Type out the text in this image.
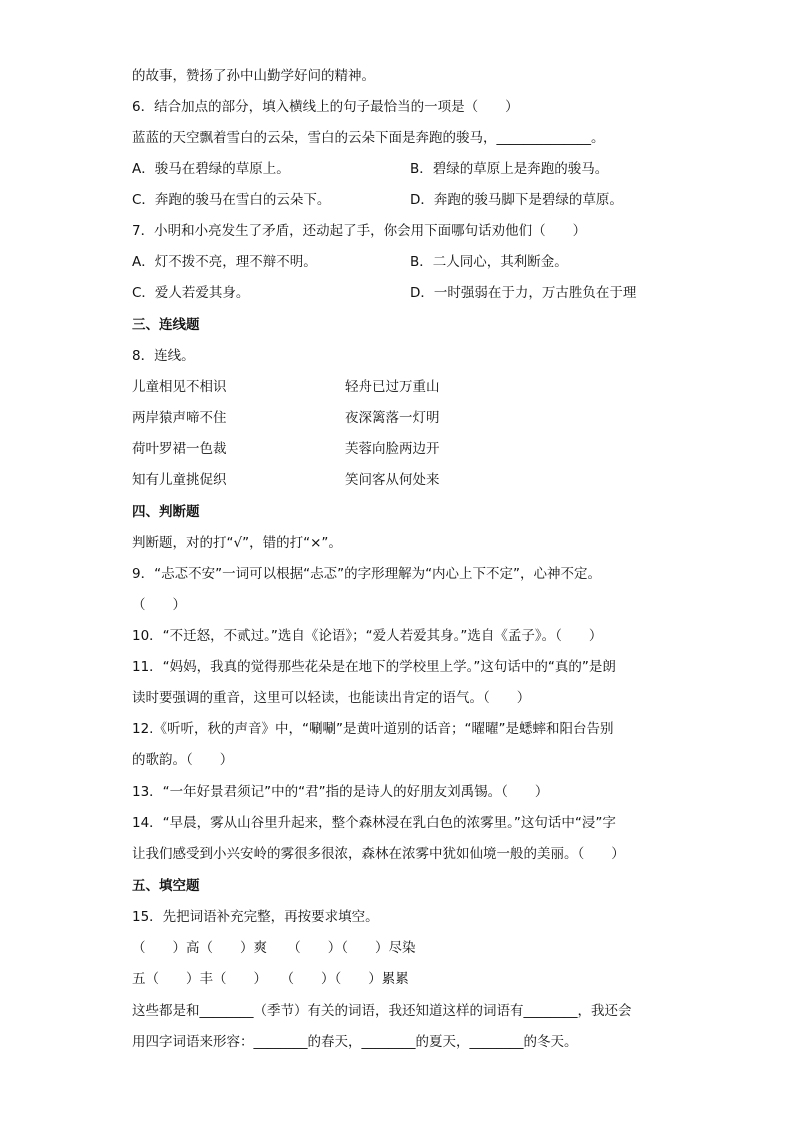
的故事，赞扬了孙中山勤学好问的精神。
6．结合加点的部分，填入横线上的句子最恰当的一项是（　　）
蓝蓝的天空飘着雪白的云朵，雪白的云朵下面是奔跑的骏马，______________。
A．骏马在碧绿的草原上。	B．碧绿的草原上是奔跑的骏马。
C．奔跑的骏马在雪白的云朵下。	D．奔跑的骏马脚下是碧绿的草原。
7．小明和小亮发生了矛盾，还动起了手，你会用下面哪句话劝他们（　　）
A．灯不拨不亮，理不辩不明。	B．二人同心，其利断金。
C．爱人若爱其身。	D．一时强弱在于力，万古胜负在于理
三、连线题
8．连线。
儿童相见不相识	轻舟已过万重山
两岸猿声啼不住	夜深篱落一灯明
荷叶罗裙一色裁	芙蓉向脸两边开
知有儿童挑促织	笑问客从何处来
四、判断题
判断题，对的打“√”，错的打“×”。
9．“忐忑不安”一词可以根据“忐忑”的字形理解为“内心上下不定”，心神不定。
（　　）
10．“不迁怒，不贰过。”选自《论语》；“爱人若爱其身。”选自《孟子》。（　　）
11．“妈妈，我真的觉得那些花朵是在地下的学校里上学。”这句话中的“真的”是朗
读时要强调的重音，这里可以轻读，也能读出肯定的语气。（　　）
12.《听听，秋的声音》中，“唰唰”是黄叶道别的话音；“曜曜”是蟋蟀和阳台告别
的歌韵。（　　）
13．“一年好景君须记”中的“君”指的是诗人的好朋友刘禹锡。（　　）
14．“早晨，雾从山谷里升起来，整个森林浸在乳白色的浓雾里。”这句话中“浸”字
让我们感受到小兴安岭的雾很多很浓，森林在浓雾中犹如仙境一般的美丽。（　　）
五、填空题
15．先把词语补充完整，再按要求填空。
（　　）高（　　）爽　　（　　）（　　）尽染
五（　　）丰（　　）　　（　　）（　　）累累
这些都是和________（季节）有关的词语，我还知道这样的词语有________，我还会
用四字词语来形容：________的春天，________的夏天，________的冬天。
